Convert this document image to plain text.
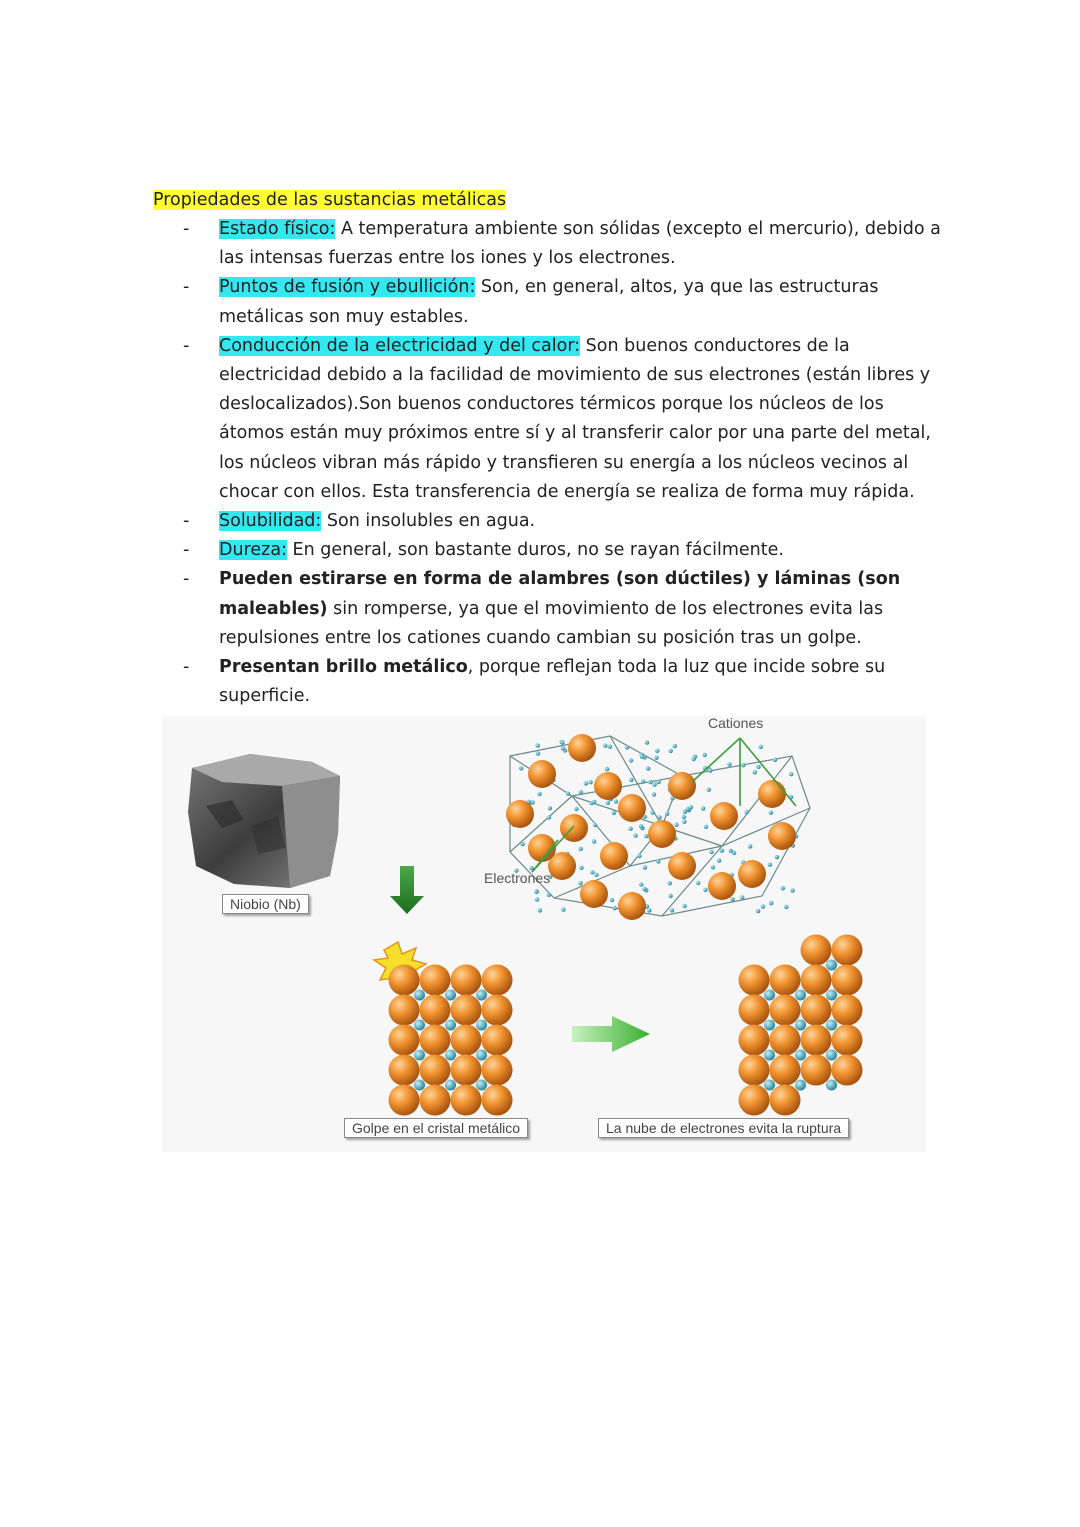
Propiedades de las sustancias metálicas
- Estado físico: A temperatura ambiente son sólidas (excepto el mercurio), debido a las intensas fuerzas entre los iones y los electrones.
- Puntos de fusión y ebullición: Son, en general, altos, ya que las estructuras metálicas son muy estables.
- Conducción de la electricidad y del calor: Son buenos conductores de la electricidad debido a la facilidad de movimiento de sus electrones (están libres y deslocalizados).Son buenos conductores térmicos porque los núcleos de los átomos están muy próximos entre sí y al transferir calor por una parte del metal, los núcleos vibran más rápido y transfieren su energía a los núcleos vecinos al chocar con ellos. Esta transferencia de energía se realiza de forma muy rápida.
- Solubilidad: Son insolubles en agua.
- Dureza: En general, son bastante duros, no se rayan fácilmente.
- Pueden estirarse en forma de alambres (son dúctiles) y láminas (son maleables) sin romperse, ya que el movimiento de los electrones evita las repulsiones entre los cationes cuando cambian su posición tras un golpe.
- Presentan brillo metálico, porque reflejan toda la luz que incide sobre su superficie.
Cationes
Electrones
Niobio (Nb)
Golpe en el cristal metálico	La nube de electrones evita la ruptura
